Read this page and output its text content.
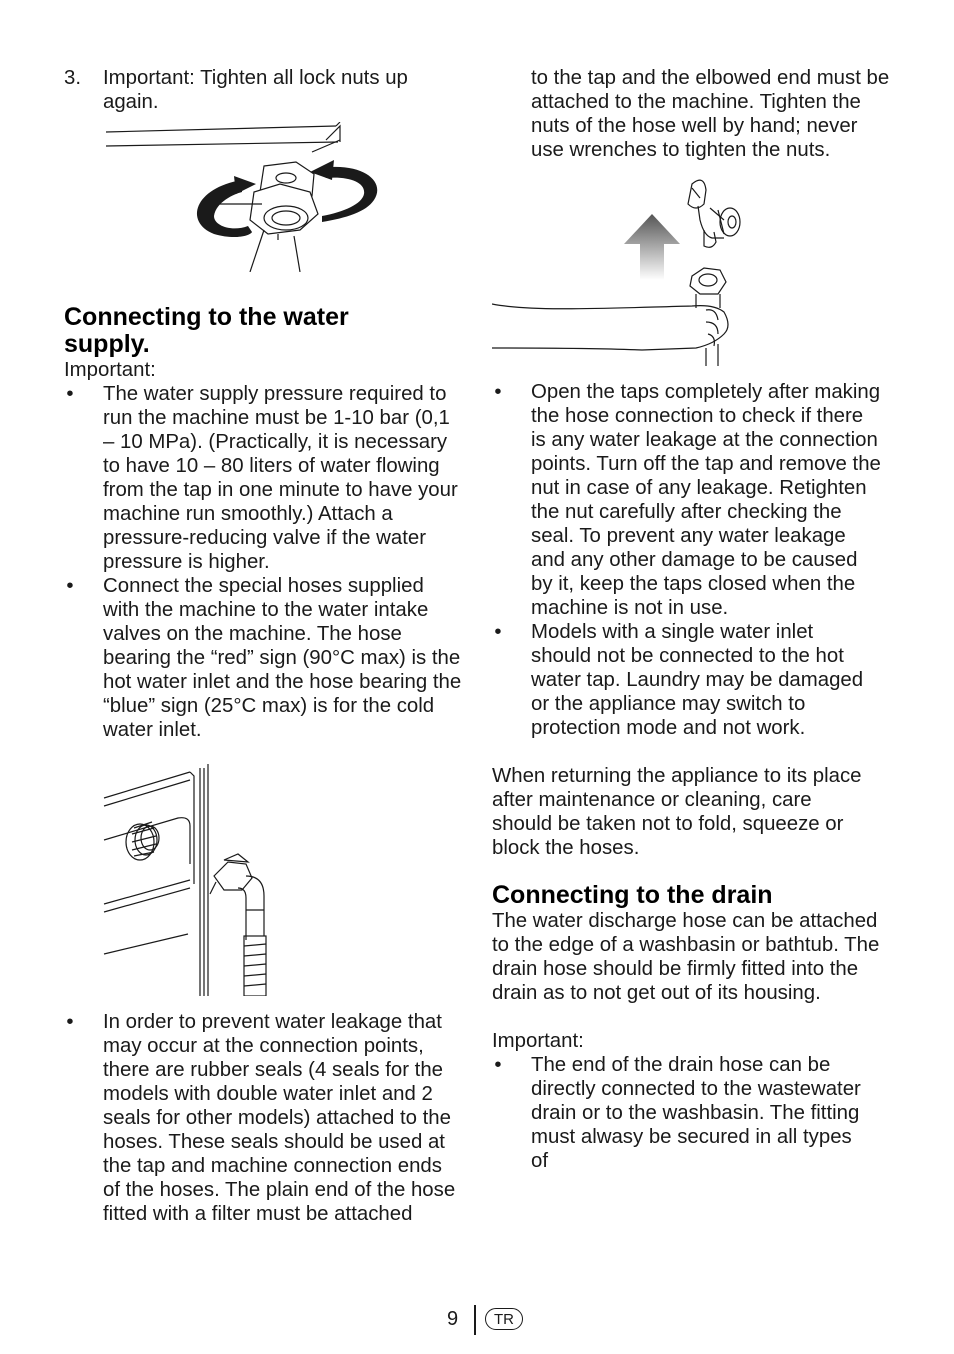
3.	Important: Tighten all lock nuts up again.
Connecting to the water supply.

Important:

•
The water supply pressure required to run the machine must be 1-10 bar (0,1 – 10 MPa). (Practically, it is necessary to have 10 – 80 liters of water flowing from the tap in one minute to have your machine run smoothly.) Attach a pressure-reducing valve if the water pressure is higher.
•
Connect the special hoses supplied with the machine to the water intake valves on the machine. The hose bearing the “red” sign (90°C max) is the hot water inlet and the hose bearing the “blue” sign (25°C max) is for the cold water inlet.
•
In order to prevent water leakage that may occur at the connection points, there are rubber seals (4 seals for the models with double water inlet and 2 seals for other models) attached to the hoses. These seals should be used at the tap and machine connection ends of the hoses. The plain end of the hose fitted with a filter must be attached
to the tap and the elbowed end must be attached to the machine. Tighten the nuts of the hose well by hand; never use wrenches to tighten the nuts.
•
Open the taps completely after making the hose connection to check if there is any water leakage at the connection points. Turn off the tap and remove the nut in case of any leakage. Retighten the nut carefully after checking the seal. To prevent any water leakage and any other damage to be caused by it, keep the taps closed when the machine is not in use.
•
Models with a single water inlet should not be connected to the hot water tap. Laundry may be damaged or the appliance may switch to protection mode and not work.

When returning the appliance to its place after maintenance or cleaning, care should be taken not to fold, squeeze or block the hoses.

Connecting to the drain

The water discharge hose can be attached to the edge of a washbasin or bathtub. The drain hose should be firmly fitted into the drain as to not get out of its housing.

Important:

•
The end of the drain hose can be directly connected to the wastewater drain or to the washbasin. The fitting must alwasy be secured in all types of
9	TR
